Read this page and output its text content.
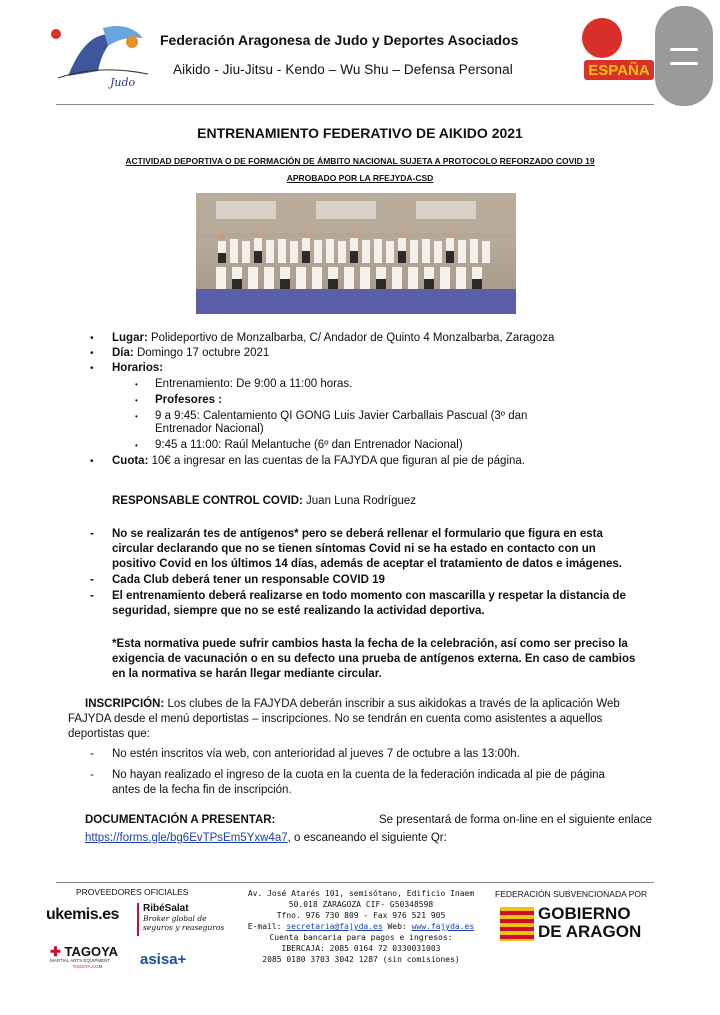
Judo
Federación Aragonesa de Judo y Deportes Asociados
Aikido - Jiu-Jitsu - Kendo – Wu Shu – Defensa Personal	ESPAÑA
ENTRENAMIENTO FEDERATIVO DE AIKIDO 2021
ACTIVIDAD DEPORTIVA O DE FORMACIÓN DE ÁMBITO NACIONAL SUJETA A PROTOCOLO REFORZADO COVID 19
APROBADO POR LA RFEJYDA-CSD
• Lugar: Polideportivo de Monzalbarba, C/ Andador de Quinto 4 Monzalbarba, Zaragoza
• Día: Domingo 17 octubre 2021
• Horarios:
• Entrenamiento: De 9:00 a 11:00 horas.
• Profesores :
• 9 a 9:45: Calentamiento QI GONG Luis Javier Carballais Pascual (3º dan
Entrenador Nacional)
• 9:45 a 11:00: Raúl Melantuche (6º dan Entrenador Nacional)
• Cuota: 10€ a ingresar en las cuentas de la FAJYDA que figuran al pie de página.
RESPONSABLE CONTROL COVID: Juan Luna Rodríguez
- No se realizarán tes de antígenos* pero se deberá rellenar el formulario que figura en esta
circular declarando que no se tienen síntomas Covid ni se ha estado en contacto con un
positivo Covid en los últimos 14 días, además de aceptar el tratamiento de datos e imágenes.
- Cada Club deberá tener un responsable COVID 19
- El entrenamiento deberá realizarse en todo momento con mascarilla y respetar la distancia de
seguridad, siempre que no se esté realizando la actividad deportiva.
*Esta normativa puede sufrir cambios hasta la fecha de la celebración, así como ser preciso la
exigencia de vacunación o en su defecto una prueba de antígenos externa. En caso de cambios
en la normativa se harán llegar mediante circular.
INSCRIPCIÓN: Los clubes de la FAJYDA deberán inscribir a sus aikidokas a través de la aplicación Web
FAJYDA desde el menú deportistas – inscripciones. No se tendrán en cuenta como asistentes a aquellos
deportistas que:
- No estén inscritos vía web, con anterioridad al jueves 7 de octubre a las 13:00h.
- No hayan realizado el ingreso de la cuota en la cuenta de la federación indicada al pie de página
antes de la fecha fin de inscripción.
DOCUMENTACIÓN A PRESENTAR:	Se presentará de forma on-line en el siguiente enlace
https://forms.gle/bg6EvTPsEm5Yxw4a7, o escaneando el siguiente Qr:
PROVEEDORES OFICIALES
ukemis.es RibéSalat
Broker global de
seguros y reaseguros
✚ TAGOYA
MARTIAL ARTS EQUIPMENT
TAGOYA.COM	asisa+
Av. José Atarés 101, semisótano, Edificio Inaem
50.018 ZARAGOZA CIF- G50348598
Tfno. 976 730 809 - Fax 976 521 905
E-mail: secretaria@fajyda.es Web: www.fajyda.es
Cuenta bancaria para pagos e ingresos:
IBERCAJA: 2085 0164 72 0330031003
2085 0180 3703 3042 1287 (sin comisiones)
FEDERACIÓN SUBVENCIONADA POR
GOBIERNO
DE ARAGON
